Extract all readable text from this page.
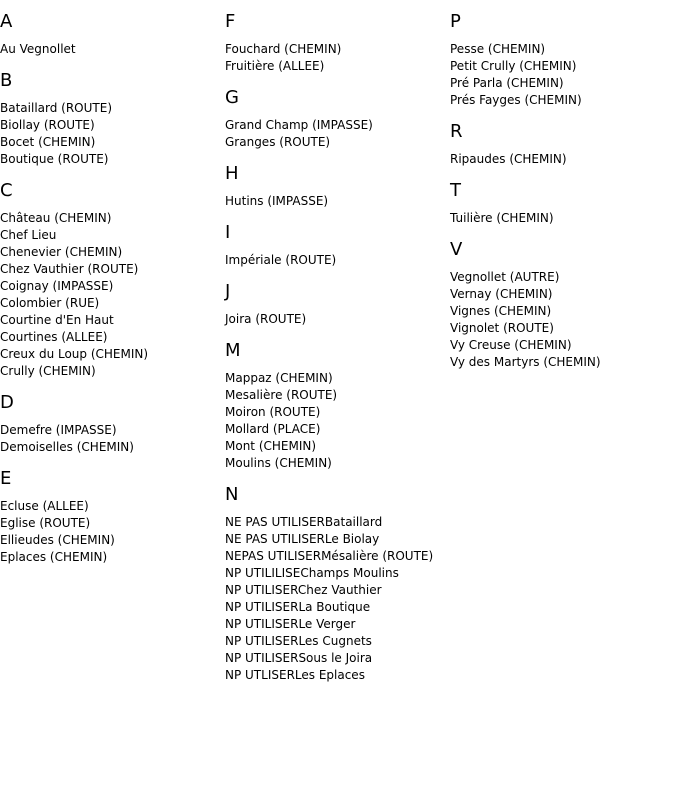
A
Au Vegnollet
B
Bataillard (ROUTE)
Biollay (ROUTE)
Bocet (CHEMIN)
Boutique (ROUTE)
C
Château (CHEMIN)
Chef Lieu
Chenevier (CHEMIN)
Chez Vauthier (ROUTE)
Coignay (IMPASSE)
Colombier (RUE)
Courtine d'En Haut
Courtines (ALLEE)
Creux du Loup (CHEMIN)
Crully (CHEMIN)
D
Demefre (IMPASSE)
Demoiselles (CHEMIN)
E
Ecluse (ALLEE)
Eglise (ROUTE)
Ellieudes (CHEMIN)
Eplaces (CHEMIN)
F
Fouchard (CHEMIN)
Fruitière (ALLEE)
G
Grand Champ (IMPASSE)
Granges (ROUTE)
H
Hutins (IMPASSE)
I
Impériale (ROUTE)
J
Joira (ROUTE)
M
Mappaz (CHEMIN)
Mesalière (ROUTE)
Moiron (ROUTE)
Mollard (PLACE)
Mont (CHEMIN)
Moulins (CHEMIN)
N
NE PAS UTILISERBataillard
NE PAS UTILISERLe Biolay
NEPAS UTILISERMésalière (ROUTE)
NP UTILILISEChamps Moulins
NP UTILISERChez Vauthier
NP UTILISERLa Boutique
NP UTILISERLe Verger
NP UTILISERLes Cugnets
NP UTILISERSous le Joira
NP UTLISERLes Eplaces
P
Pesse (CHEMIN)
Petit Crully (CHEMIN)
Pré Parla (CHEMIN)
Prés Fayges (CHEMIN)
R
Ripaudes (CHEMIN)
T
Tuilière (CHEMIN)
V
Vegnollet (AUTRE)
Vernay (CHEMIN)
Vignes (CHEMIN)
Vignolet (ROUTE)
Vy Creuse (CHEMIN)
Vy des Martyrs (CHEMIN)
